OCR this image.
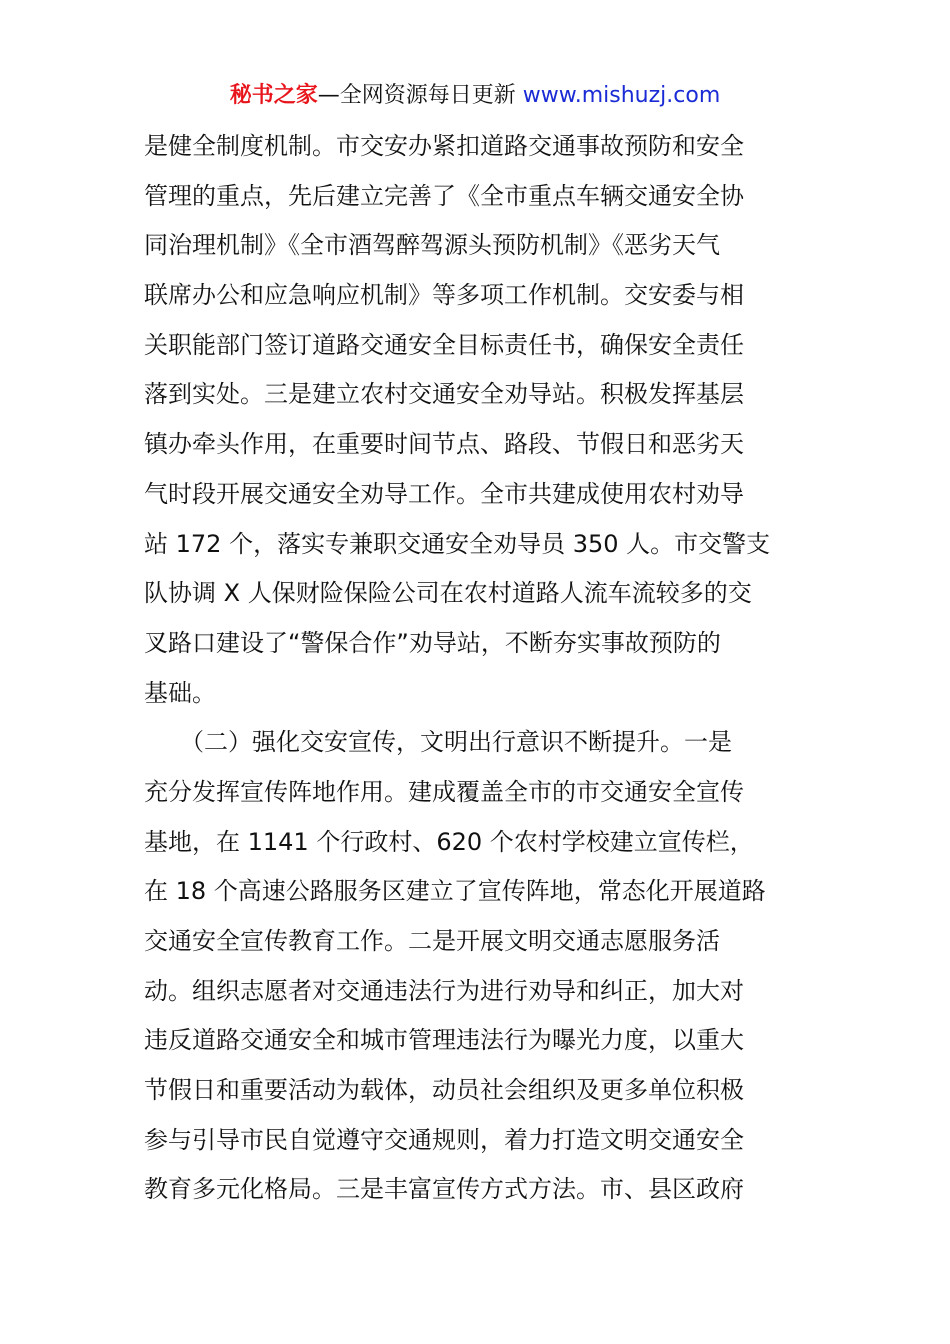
秘书之家—全网资源每日更新 www.mishuzj.com
是健全制度机制。市交安办紧扣道路交通事故预防和安全
管理的重点，先后建立完善了《全市重点车辆交通安全协
同治理机制》《全市酒驾醉驾源头预防机制》《恶劣天气
联席办公和应急响应机制》等多项工作机制。交安委与相
关职能部门签订道路交通安全目标责任书，确保安全责任
落到实处。三是建立农村交通安全劝导站。积极发挥基层
镇办牵头作用，在重要时间节点、路段、节假日和恶劣天
气时段开展交通安全劝导工作。全市共建成使用农村劝导
站 172 个，落实专兼职交通安全劝导员 350 人。市交警支
队协调 X 人保财险保险公司在农村道路人流车流较多的交
叉路口建设了“警保合作”劝导站，不断夯实事故预防的
基础。
　　（二）强化交安宣传，文明出行意识不断提升。一是
充分发挥宣传阵地作用。建成覆盖全市的市交通安全宣传
基地，在 1141 个行政村、620 个农村学校建立宣传栏，
在 18 个高速公路服务区建立了宣传阵地，常态化开展道路
交通安全宣传教育工作。二是开展文明交通志愿服务活
动。组织志愿者对交通违法行为进行劝导和纠正，加大对
违反道路交通安全和城市管理违法行为曝光力度，以重大
节假日和重要活动为载体，动员社会组织及更多单位积极
参与引导市民自觉遵守交通规则，着力打造文明交通安全
教育多元化格局。三是丰富宣传方式方法。市、县区政府
